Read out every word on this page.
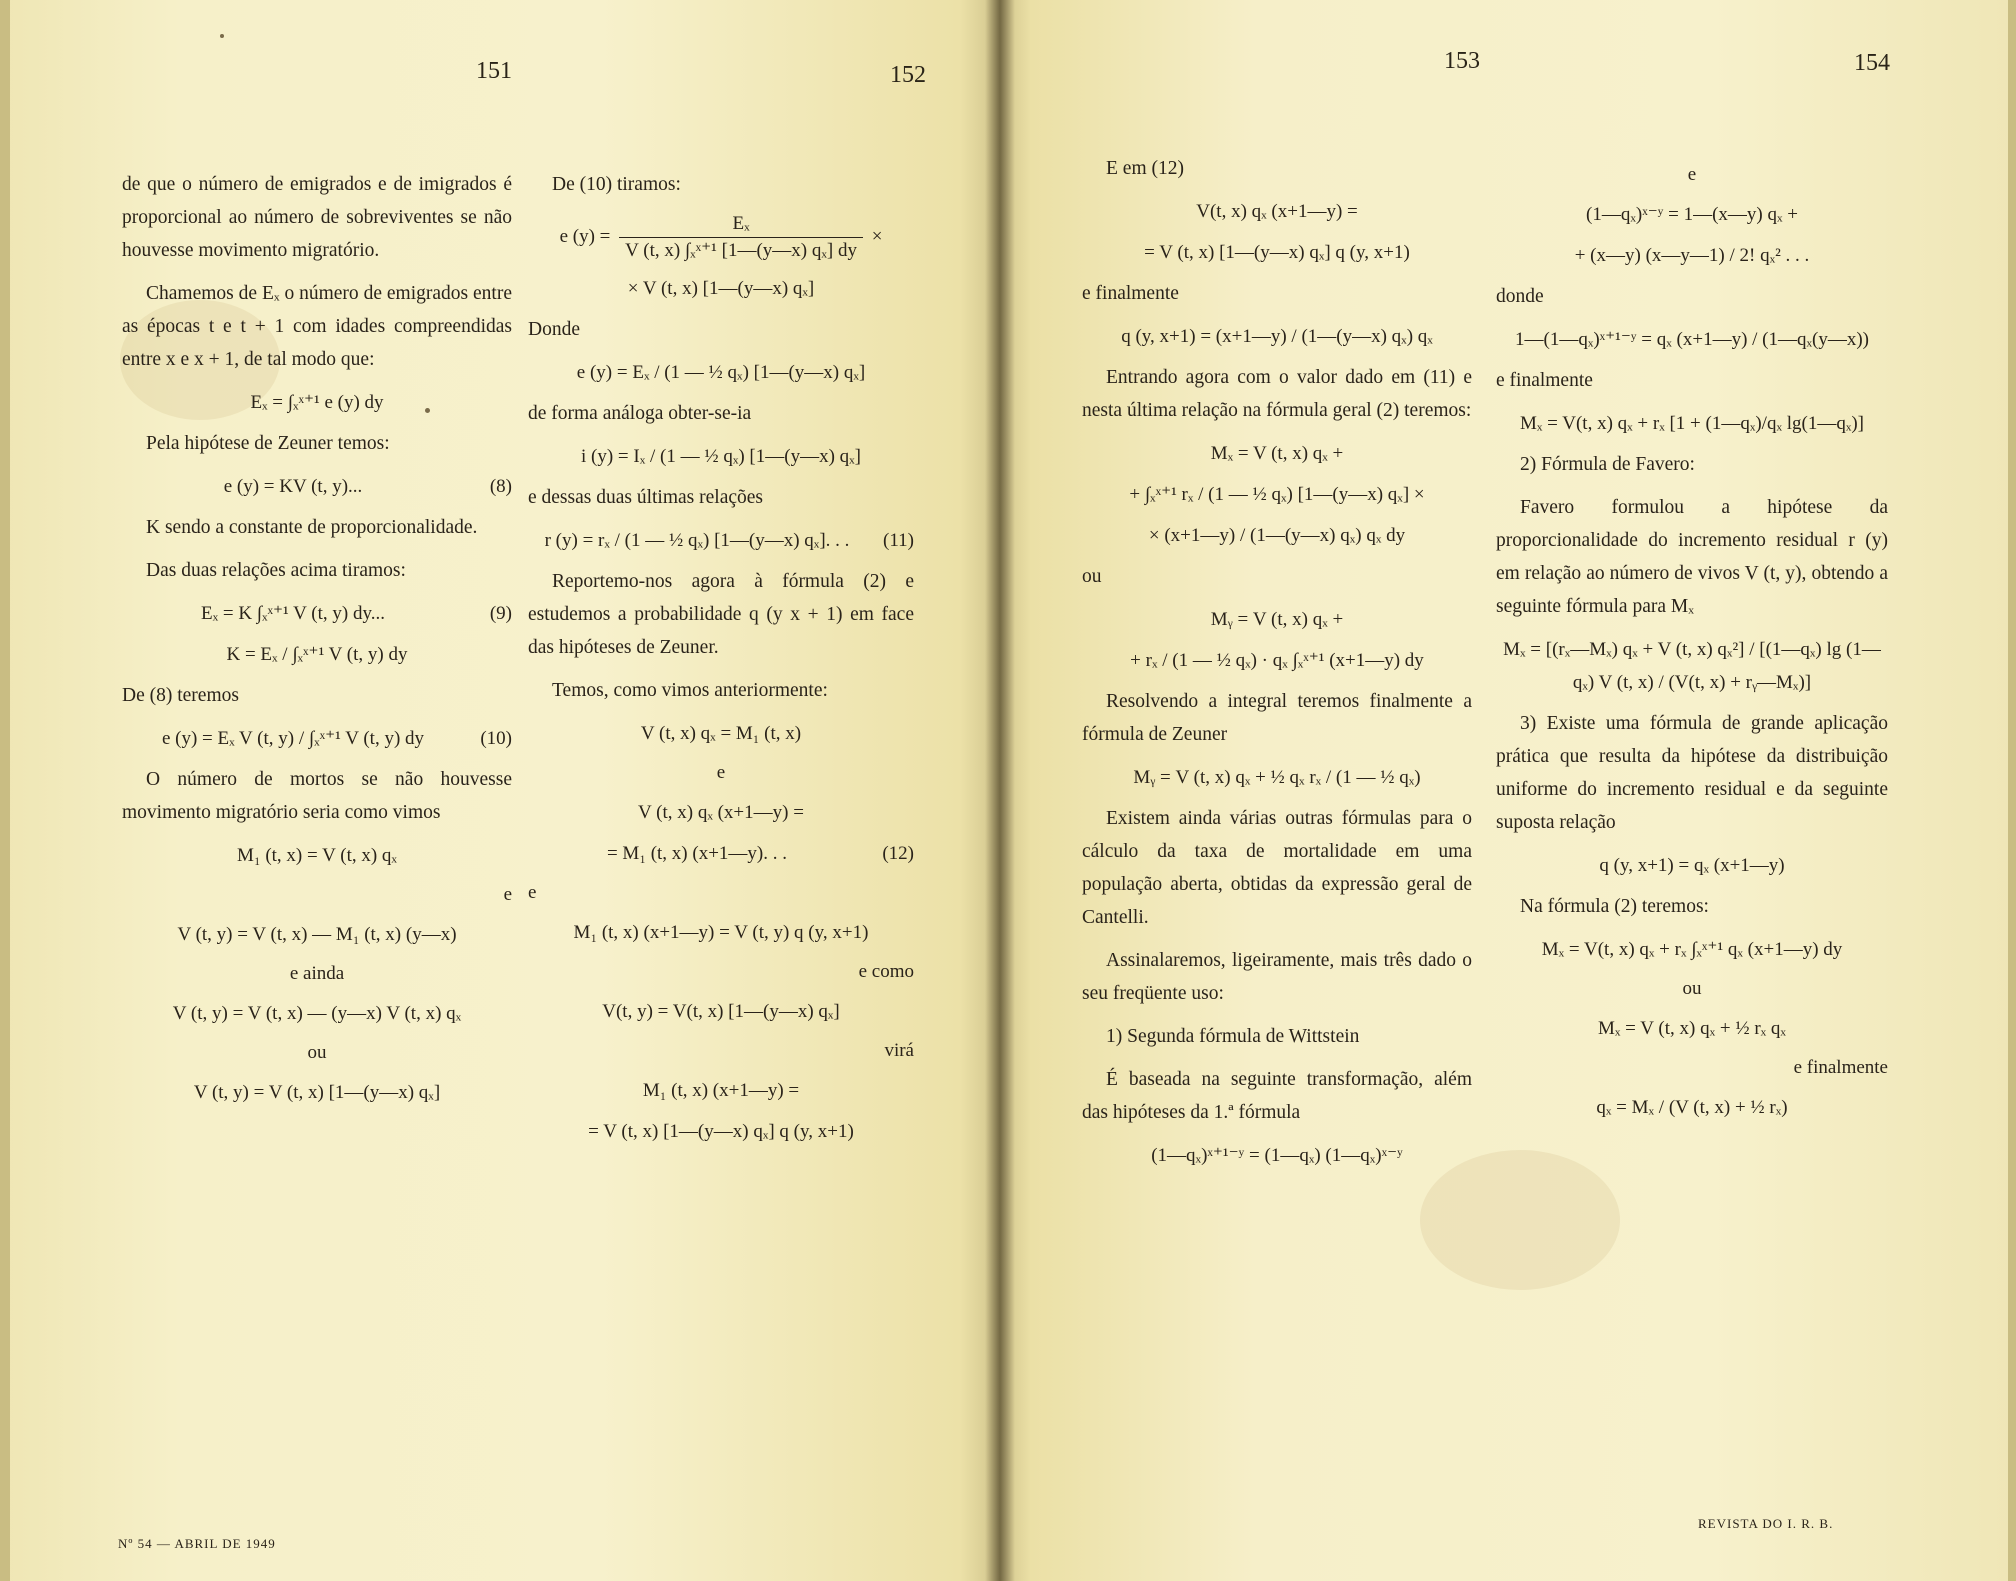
151	152
153	154

de que o número de emigrados e de imigrados é proporcional ao número de sobreviventes se não houvesse movimento migratório.

Chamemos de Eₓ o número de emigrados entre as épocas t e t + 1 com idades compreendidas entre x e x + 1, de tal modo que:

Eₓ = ∫ₓˣ⁺¹ e (y) dy

Pela hipótese de Zeuner temos:

e (y) = KV (t, y)...	(8)

K sendo a constante de proporcionalidade.

Das duas relações acima tiramos:

Eₓ = K ∫ₓˣ⁺¹ V (t, y) dy...	(9)
K = Eₓ / ∫ₓˣ⁺¹ V (t, y) dy

De (8) teremos

e (y) = Eₓ V (t, y) / ∫ₓˣ⁺¹ V (t, y) dy	(10)

O número de mortos se não houvesse movimento migratório seria como vimos

M₁ (t, x) = V (t, x) qₓ
e
V (t, y) = V (t, x) — M₁ (t, x) (y—x)
e ainda
V (t, y) = V (t, x) — (y—x) V (t, x) qₓ
ou
V (t, y) = V (t, x) [1—(y—x) qₓ]

De (10) tiramos:

e $(y) = \frac{\text{Eₓ}}{\text{V (t, x) ∫ₓˣ⁺¹ [1—(y—x) qₓ] dy}}$ ×
× V (t, x) [1—(y—x) qₓ]

Donde

e (y) = Eₓ / (1 — ½ qₓ) [1—(y—x) qₓ]

de forma análoga obter-se-ia

i (y) = Iₓ / (1 — ½ qₓ) [1—(y—x) qₓ]

e dessas duas últimas relações

r (y) = rₓ / (1 — ½ qₓ) [1—(y—x) qₓ]. . .	(11)

Reportemo-nos agora à fórmula (2) e estudemos a probabilidade q (y x + 1) em face das hipóteses de Zeuner.

Temos, como vimos anteriormente:

V (t, x) qₓ = M₁ (t, x)
e
V (t, x) qₓ (x+1—y) =
= M₁ (t, x) (x+1—y). . .	(12)
e
M₁ (t, x) (x+1—y) = V (t, y) q (y, x+1)
e como
V(t, y) = V(t, x) [1—(y—x) qₓ]
virá
M₁ (t, x) (x+1—y) =
= V (t, x) [1—(y—x) qₓ] q (y, x+1)

E em (12)

V(t, x) qₓ (x+1—y) =
= V (t, x) [1—(y—x) qₓ] q (y, x+1)

e finalmente

q (y, x+1) = (x+1—y) / (1—(y—x) qₓ) qₓ

Entrando agora com o valor dado em (11) e nesta última relação na fórmula geral (2) teremos:

Mₓ = V (t, x) qₓ +
+ ∫ₓˣ⁺¹ rₓ / (1 — ½ qₓ) [1—(y—x) qₓ] ×
× (x+1—y) / (1—(y—x) qₓ) qₓ dy

ou

Mᵧ = V (t, x) qₓ +
+ rₓ / (1 — ½ qₓ) · qₓ ∫ₓˣ⁺¹ (x+1—y) dy

Resolvendo a integral teremos finalmente a fórmula de Zeuner

Mᵧ = V (t, x) qₓ + ½ qₓ rₓ / (1 — ½ qₓ)

Existem ainda várias outras fórmulas para o cálculo da taxa de mortalidade em uma população aberta, obtidas da expressão geral de Cantelli.

Assinalaremos, ligeiramente, mais três dado o seu freqüente uso:

1) Segunda fórmula de Wittstein

É baseada na seguinte transformação, além das hipóteses da 1.ª fórmula

(1—qₓ)ˣ⁺¹⁻ʸ = (1—qₓ) (1—qₓ)ˣ⁻ʸ
e
(1—qₓ)ˣ⁻ʸ = 1—(x—y) qₓ +
+ (x—y) (x—y—1) / 2! qₓ² . . .

donde

1—(1—qₓ)ˣ⁺¹⁻ʸ = qₓ (x+1—y) / (1—qₓ(y—x))

e finalmente

Mₓ = V(t, x) qₓ + rₓ [1 + (1—qₓ)/qₓ lg(1—qₓ)]

2) Fórmula de Favero:

Favero formulou a hipótese da proporcionalidade do incremento residual r (y) em relação ao número de vivos V (t, y), obtendo a seguinte fórmula para Mₓ

Mₓ = [(rₓ—Mₓ) qₓ + V (t, x) qₓ²] / [(1—qₓ) lg (1—qₓ) V (t, x) / (V(t, x) + rᵧ—Mₓ)]

3) Existe uma fórmula de grande aplicação prática que resulta da hipótese da distribuição uniforme do incremento residual e da seguinte suposta relação

q (y, x+1) = qₓ (x+1—y)

Na fórmula (2) teremos:

Mₓ = V(t, x) qₓ + rₓ ∫ₓˣ⁺¹ qₓ (x+1—y) dy
ou
Mₓ = V (t, x) qₓ + ½ rₓ qₓ
e finalmente
qₓ = Mₓ / (V (t, x) + ½ rₓ)
Nº 54 — ABRIL DE 1949
REVISTA DO I. R. B.
